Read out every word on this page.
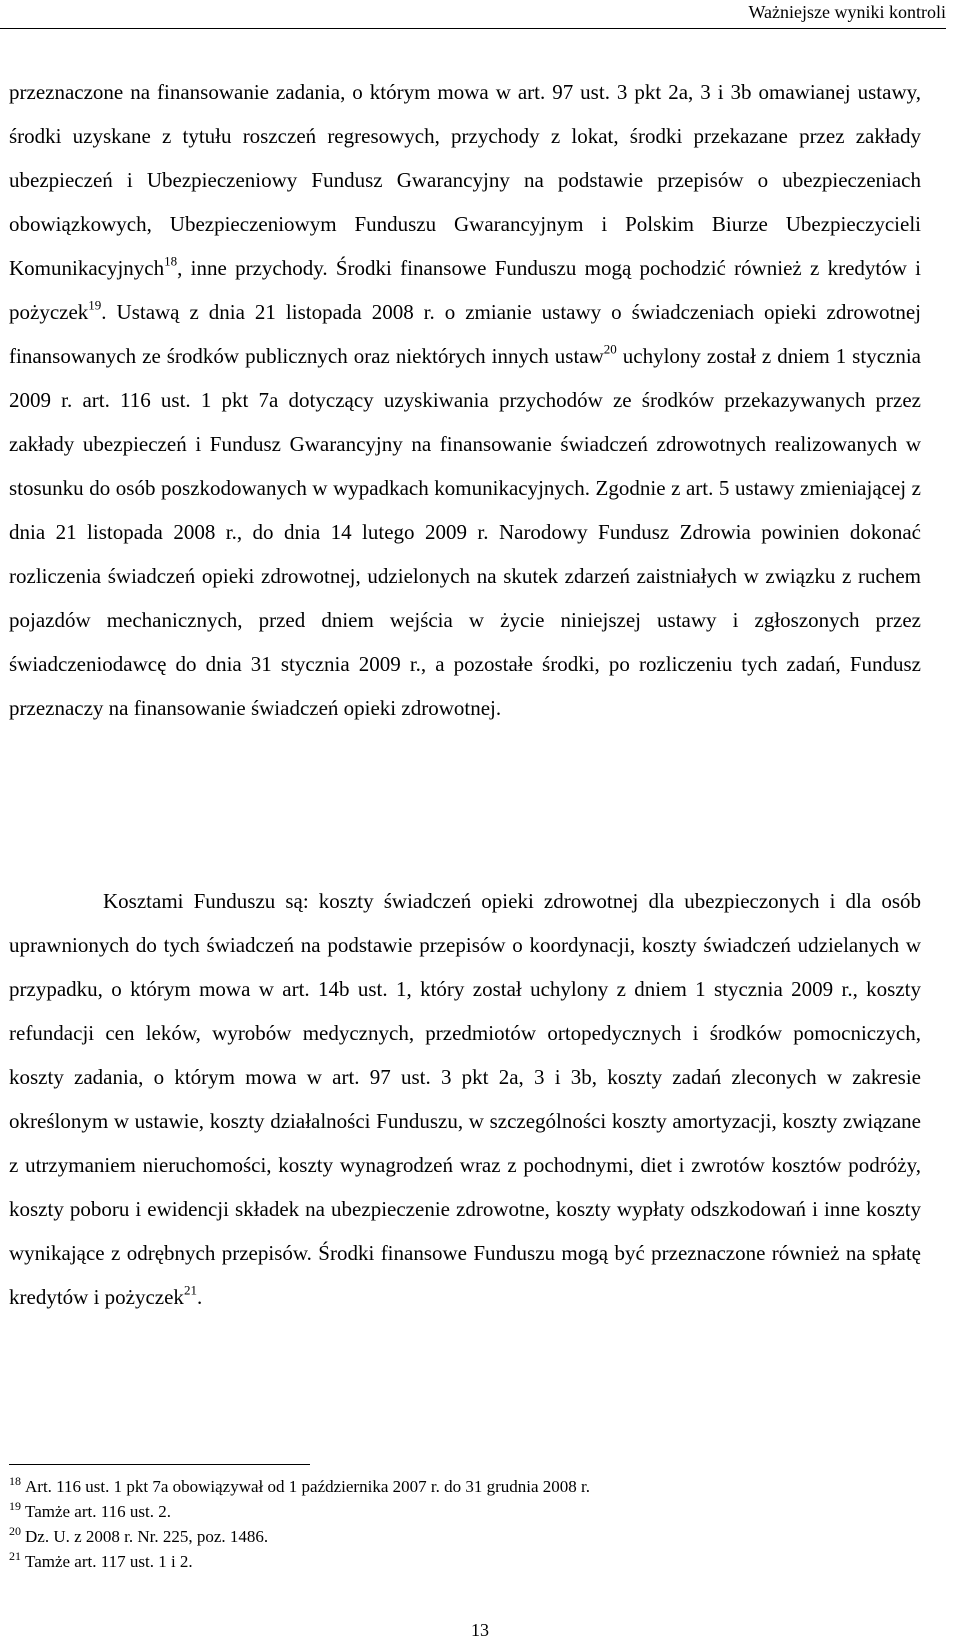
Ważniejsze wyniki kontroli

przeznaczone na finansowanie zadania, o którym mowa w art. 97 ust. 3 pkt 2a, 3 i 3b omawianej ustawy, środki uzyskane z tytułu roszczeń regresowych, przychody z lokat, środki przekazane przez zakłady ubezpieczeń i Ubezpieczeniowy Fundusz Gwarancyjny na podstawie przepisów o ubezpieczeniach obowiązkowych, Ubezpieczeniowym Funduszu Gwarancyjnym i Polskim Biurze Ubezpieczycieli Komunikacyjnych$^{18}$, inne przychody. Środki finansowe Funduszu mogą pochodzić również z kredytów i pożyczek$^{19}$. Ustawą z dnia 21 listopada 2008 r. o zmianie ustawy o świadczeniach opieki zdrowotnej finansowanych ze środków publicznych oraz niektórych innych ustaw$^{20}$ uchylony został z dniem 1 stycznia 2009 r. art. 116 ust. 1 pkt 7a dotyczący uzyskiwania przychodów ze środków przekazywanych przez zakłady ubezpieczeń i Fundusz Gwarancyjny na finansowanie świadczeń zdrowotnych realizowanych w stosunku do osób poszkodowanych w wypadkach komunikacyjnych. Zgodnie z art. 5 ustawy zmieniającej z dnia 21 listopada 2008 r., do dnia 14 lutego 2009 r. Narodowy Fundusz Zdrowia powinien dokonać rozliczenia świadczeń opieki zdrowotnej, udzielonych na skutek zdarzeń zaistniałych w związku z ruchem pojazdów mechanicznych, przed dniem wejścia w życie niniejszej ustawy i zgłoszonych przez świadczeniodawcę do dnia 31 stycznia 2009 r., a pozostałe środki, po rozliczeniu tych zadań, Fundusz przeznaczy na finansowanie świadczeń opieki zdrowotnej.

Kosztami Funduszu są: koszty świadczeń opieki zdrowotnej dla ubezpieczonych i dla osób uprawnionych do tych świadczeń na podstawie przepisów o koordynacji, koszty świadczeń udzielanych w przypadku, o którym mowa w art. 14b ust. 1, który został uchylony z dniem 1 stycznia 2009 r., koszty refundacji cen leków, wyrobów medycznych, przedmiotów ortopedycznych i środków pomocniczych, koszty zadania, o którym mowa w art. 97 ust. 3 pkt 2a, 3 i 3b, koszty zadań zleconych w zakresie określonym w ustawie, koszty działalności Funduszu, w szczególności koszty amortyzacji, koszty związane z utrzymaniem nieruchomości, koszty wynagrodzeń wraz z pochodnymi, diet i zwrotów kosztów podróży, koszty poboru i ewidencji składek na ubezpieczenie zdrowotne, koszty wypłaty odszkodowań i inne koszty wynikające z odrębnych przepisów. Środki finansowe Funduszu mogą być przeznaczone również na spłatę kredytów i pożyczek$^{21}$.

$^{18}$ Art. 116 ust. 1 pkt 7a obowiązywał od 1 października 2007 r. do 31 grudnia 2008 r.
$^{19}$ Tamże art. 116 ust. 2.
$^{20}$ Dz. U. z 2008 r. Nr. 225, poz. 1486.
$^{21}$ Tamże art. 117 ust. 1 i 2.
13
